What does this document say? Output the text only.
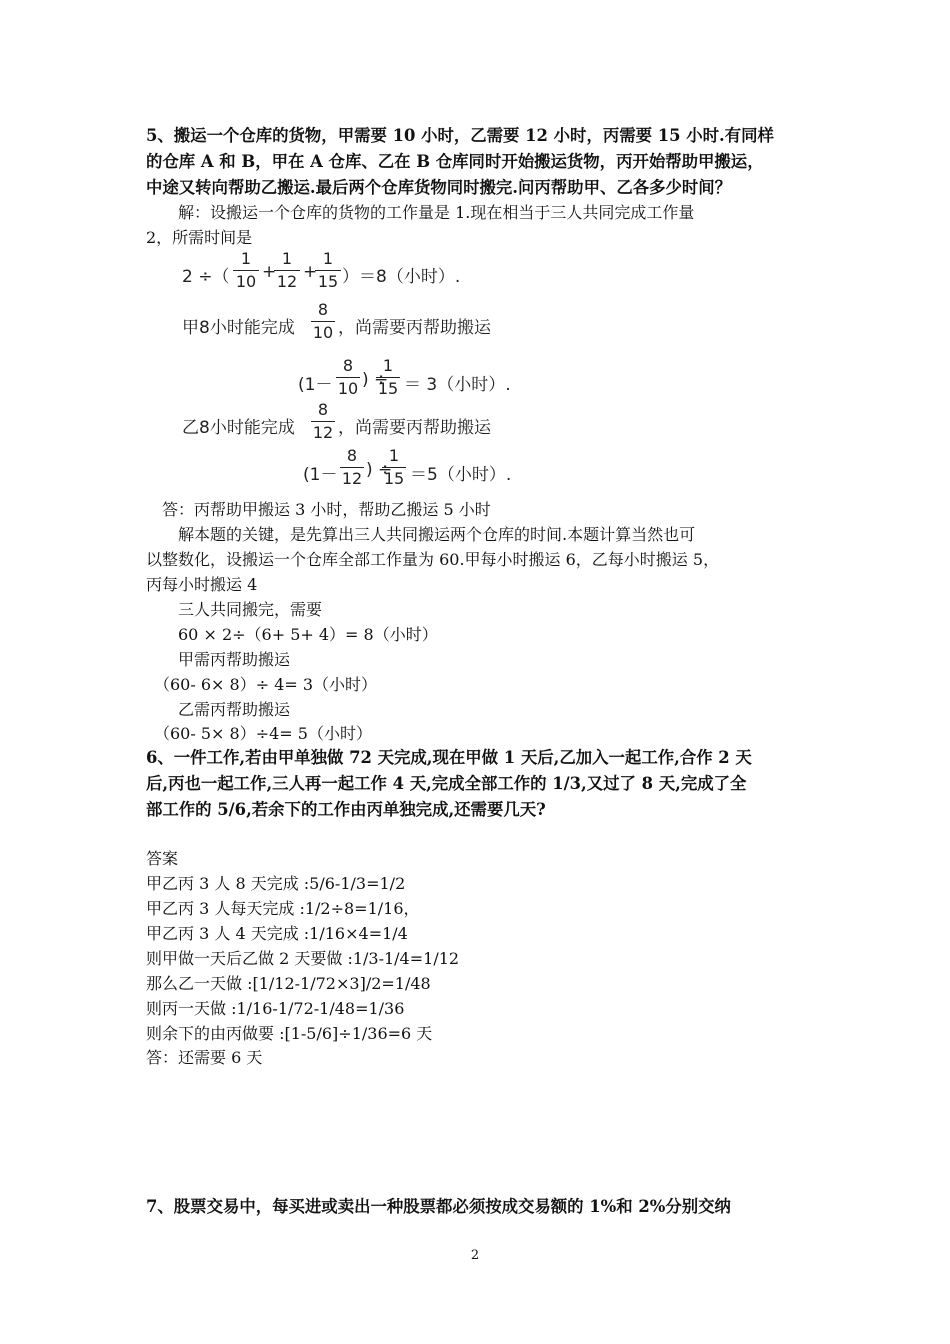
5、搬运一个仓库的货物，甲需要 10 小时，乙需要 12 小时，丙需要 15 小时.有同样
的仓库 A 和 B，甲在 A 仓库、乙在 B 仓库同时开始搬运货物，丙开始帮助甲搬运，
中途又转向帮助乙搬运.最后两个仓库货物同时搬完.问丙帮助甲、乙各多少时间？
　　解：设搬运一个仓库的货物的工作量是 1.现在相当于三人共同完成工作量
2，所需时间是
2 ÷（
1
10 +
1
12 +
1
15 ）＝8（小时）.
甲8小时能完成
8
10 ，尚需要丙帮助搬运
(1－
8
10 ) ÷
1
15 ＝ 3（小时）.
乙8小时能完成
8
12 ，尚需要丙帮助搬运
(1－
8
12 ) ÷
1
15 ＝5（小时）.
　答：丙帮助甲搬运 3 小时，帮助乙搬运 5 小时
　　解本题的关键，是先算出三人共同搬运两个仓库的时间.本题计算当然也可
以整数化，设搬运一个仓库全部工作量为 60.甲每小时搬运 6，乙每小时搬运 5，
丙每小时搬运 4
　　三人共同搬完，需要
　　60 × 2÷（6+ 5+ 4）= 8（小时）
　　甲需丙帮助搬运
　（60- 6× 8）÷ 4= 3（小时）
　　乙需丙帮助搬运
　（60- 5× 8）÷4= 5（小时）
6、一件工作,若由甲单独做 72 天完成,现在甲做 1 天后,乙加入一起工作,合作 2 天
后,丙也一起工作,三人再一起工作 4 天,完成全部工作的 1/3,又过了 8 天,完成了全
部工作的 5/6,若余下的工作由丙单独完成,还需要几天?
答案
甲乙丙 3 人 8 天完成 :5/6-1/3=1/2
甲乙丙 3 人每天完成 :1/2÷8=1/16，
甲乙丙 3 人 4 天完成 :1/16×4=1/4
则甲做一天后乙做 2 天要做 :1/3-1/4=1/12
那么乙一天做 :[1/12-1/72×3]/2=1/48
则丙一天做 :1/16-1/72-1/48=1/36
则余下的由丙做要 :[1-5/6]÷1/36=6 天
答：还需要 6 天
7、股票交易中，每买进或卖出一种股票都必须按成交易额的 1%和 2%分别交纳
2
